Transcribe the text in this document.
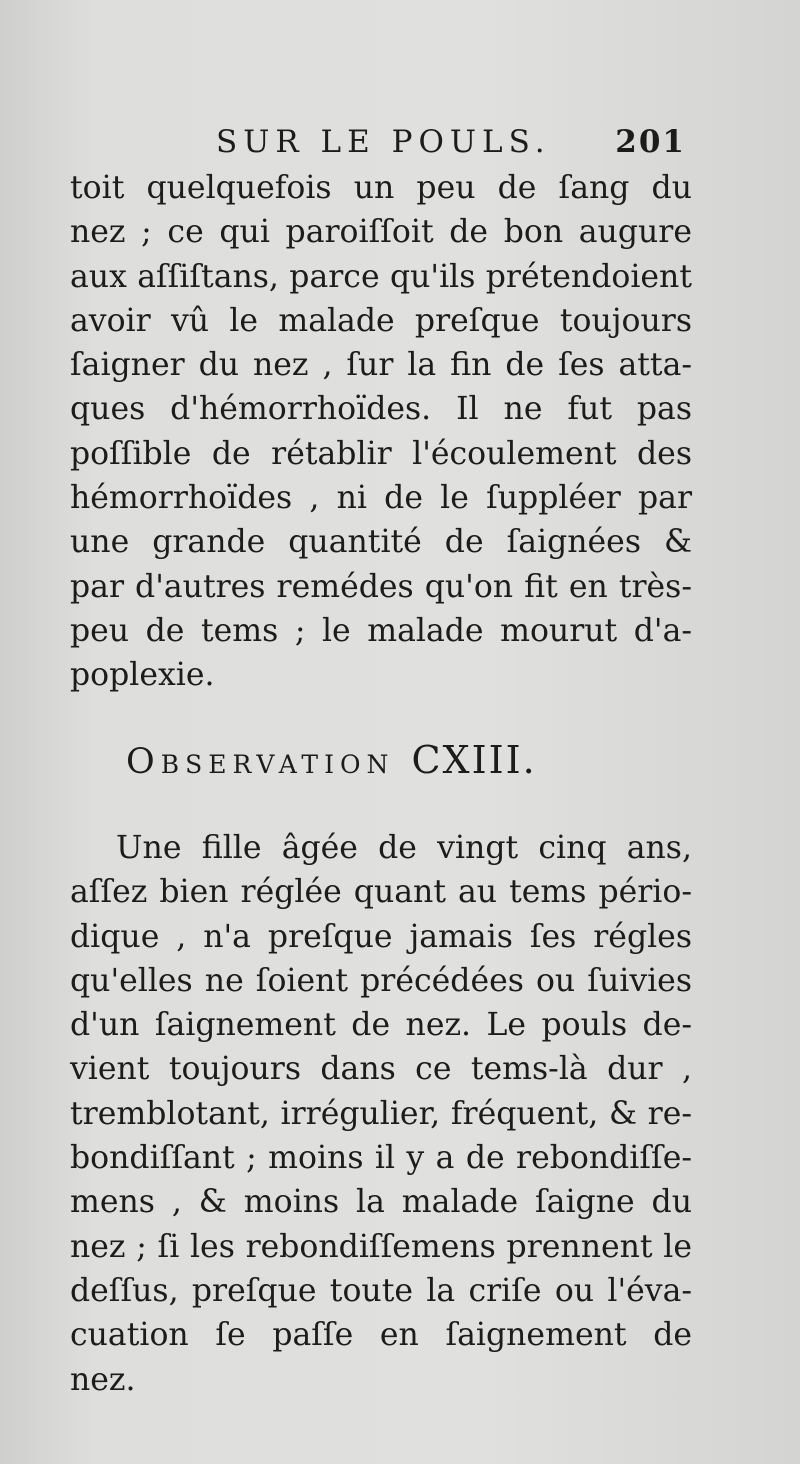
SUR LE POULS. 201
toit quelquefois un peu de ſang du
nez ; ce qui paroiſſoit de bon augure
aux aſſiſtans, parce qu'ils prétendoient
avoir vû le malade preſque toujours
ſaigner du nez , ſur la fin de ſes atta-
ques d'hémorrhoïdes. Il ne fut pas
poſſible de rétablir l'écoulement des
hémorrhoïdes , ni de le ſuppléer par
une grande quantité de ſaignées &
par d'autres remédes qu'on fit en très-
peu de tems ; le malade mourut d'a-
poplexie.
Observation CXIII.
Une fille âgée de vingt cinq ans,
aſſez bien réglée quant au tems pério-
dique , n'a preſque jamais ſes régles
qu'elles ne ſoient précédées ou ſuivies
d'un ſaignement de nez. Le pouls de-
vient toujours dans ce tems-là dur ,
tremblotant, irrégulier, fréquent, & re-
bondiſſant ; moins il y a de rebondiſſe-
mens , & moins la malade ſaigne du
nez ; ſi les rebondiſſemens prennent le
deſſus, preſque toute la criſe ou l'éva-
cuation ſe paſſe en ſaignement de
nez.
